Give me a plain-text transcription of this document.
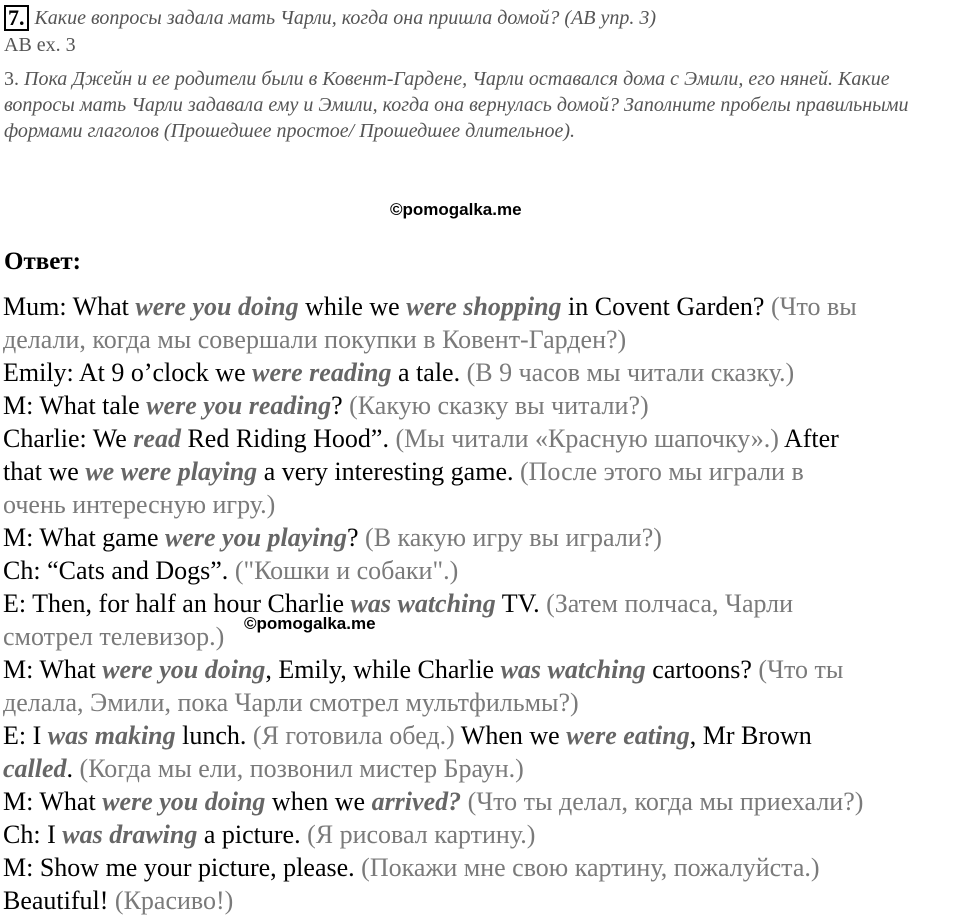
7. Какие вопросы задала мать Чарли, когда она пришла домой? (АВ упр. 3)
AB ex. 3
3. Пока Джейн и ее родители были в Ковент-Гардене, Чарли оставался дома с Эмили, его няней. Какие вопросы мать Чарли задавала ему и Эмили, когда она вернулась домой? Заполните пробелы правильными формами глаголов (Прошедшее простое/ Прошедшее длительное).
©pomogalka.me
Ответ:
Mum: What were you doing while we were shopping in Covent Garden? (Что вы
делали, когда мы совершали покупки в Ковент-Гарден?)
Emily: At 9 o’clock we were reading a tale. (В 9 часов мы читали сказку.)
M: What tale were you reading? (Какую сказку вы читали?)
Charlie: We read Red Riding Hood”. (Мы читали «Красную шапочку».) After
that we we were playing a very interesting game. (После этого мы играли в
очень интересную игру.)
M: What game were you playing? (В какую игру вы играли?)
Ch: “Cats and Dogs”. ("Кошки и собаки".)
E: Then, for half an hour Charlie was watching TV. (Затем полчаса, Чарли
смотрел телевизор.)
M: What were you doing, Emily, while Charlie was watching cartoons? (Что ты
делала, Эмили, пока Чарли смотрел мультфильмы?)
E: I was making lunch. (Я готовила обед.) When we were eating, Mr Brown
called. (Когда мы ели, позвонил мистер Браун.)
M: What were you doing when we arrived? (Что ты делал, когда мы приехали?)
Ch: I was drawing a picture. (Я рисовал картину.)
M: Show me your picture, please. (Покажи мне свою картину, пожалуйста.)
Beautiful! (Красиво!)
©pomogalka.me
